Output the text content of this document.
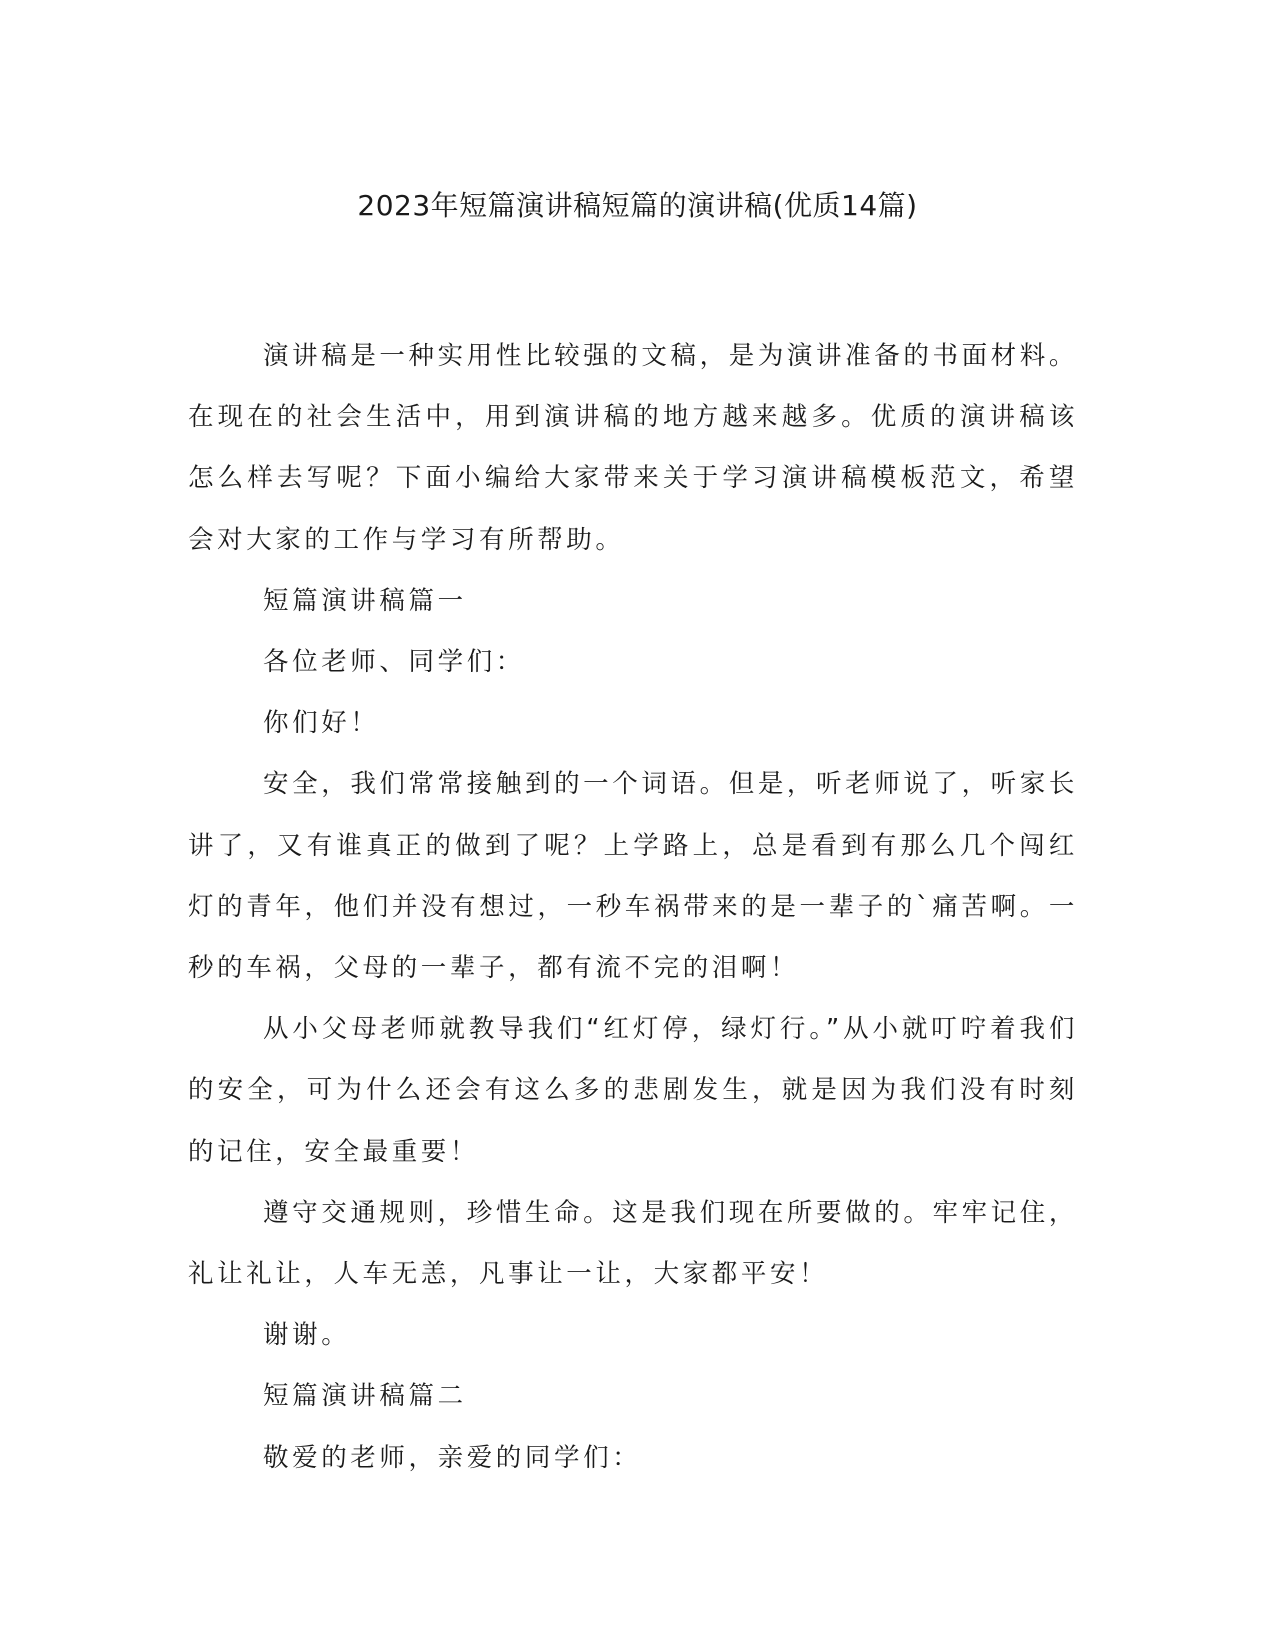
2023年短篇演讲稿短篇的演讲稿(优质14篇)

演讲稿是一种实用性比较强的文稿，是为演讲准备的书面材料。在现在的社会生活中，用到演讲稿的地方越来越多。优质的演讲稿该怎么样去写呢？下面小编给大家带来关于学习演讲稿模板范文，希望会对大家的工作与学习有所帮助。

短篇演讲稿篇一

各位老师、同学们：

你们好！

安全，我们常常接触到的一个词语。但是，听老师说了，听家长讲了，又有谁真正的做到了呢？上学路上，总是看到有那么几个闯红灯的青年，他们并没有想过，一秒车祸带来的是一辈子的`痛苦啊。一秒的车祸，父母的一辈子，都有流不完的泪啊！

从小父母老师就教导我们“红灯停，绿灯行。”从小就叮咛着我们的安全，可为什么还会有这么多的悲剧发生，就是因为我们没有时刻的记住，安全最重要！

遵守交通规则，珍惜生命。这是我们现在所要做的。牢牢记住，礼让礼让，人车无恙，凡事让一让，大家都平安！

谢谢。

短篇演讲稿篇二

敬爱的老师，亲爱的同学们：
